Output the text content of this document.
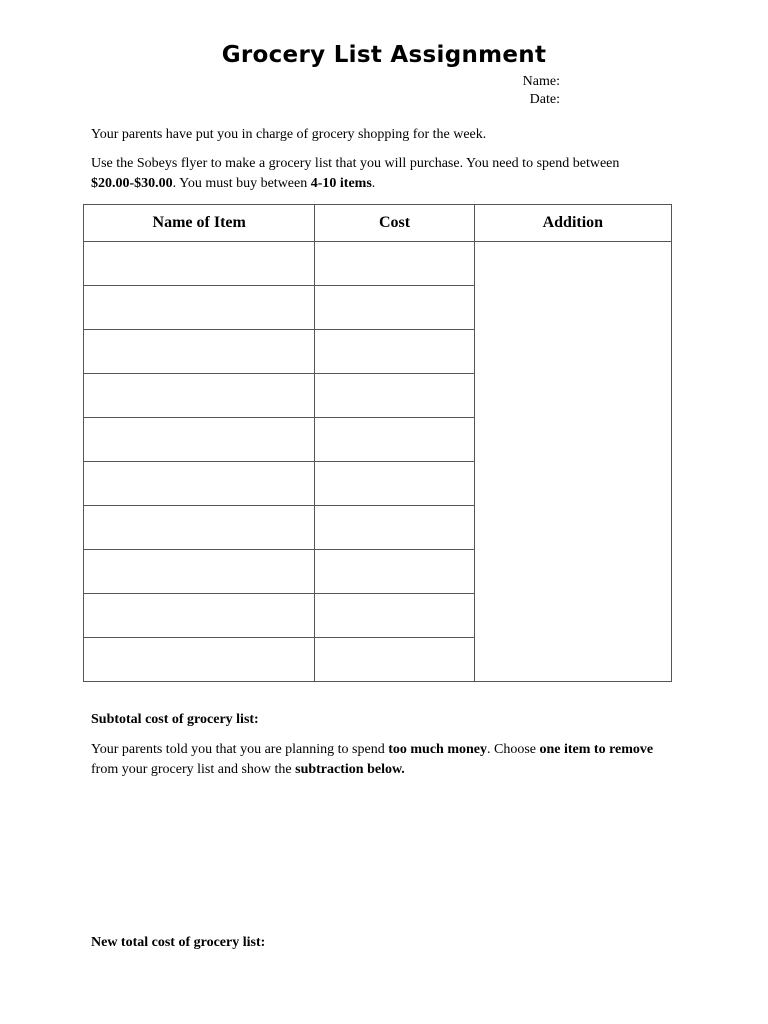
Grocery List Assignment
Name:
Date:

Your parents have put you in charge of grocery shopping for the week.

Use the Sobeys flyer to make a grocery list that you will purchase. You need to spend between $20.00-$30.00. You must buy between 4-10 items.

Name of Item	Cost	Addition

Subtotal cost of grocery list:

Your parents told you that you are planning to spend too much money. Choose one item to remove from your grocery list and show the subtraction below.

New total cost of grocery list:
